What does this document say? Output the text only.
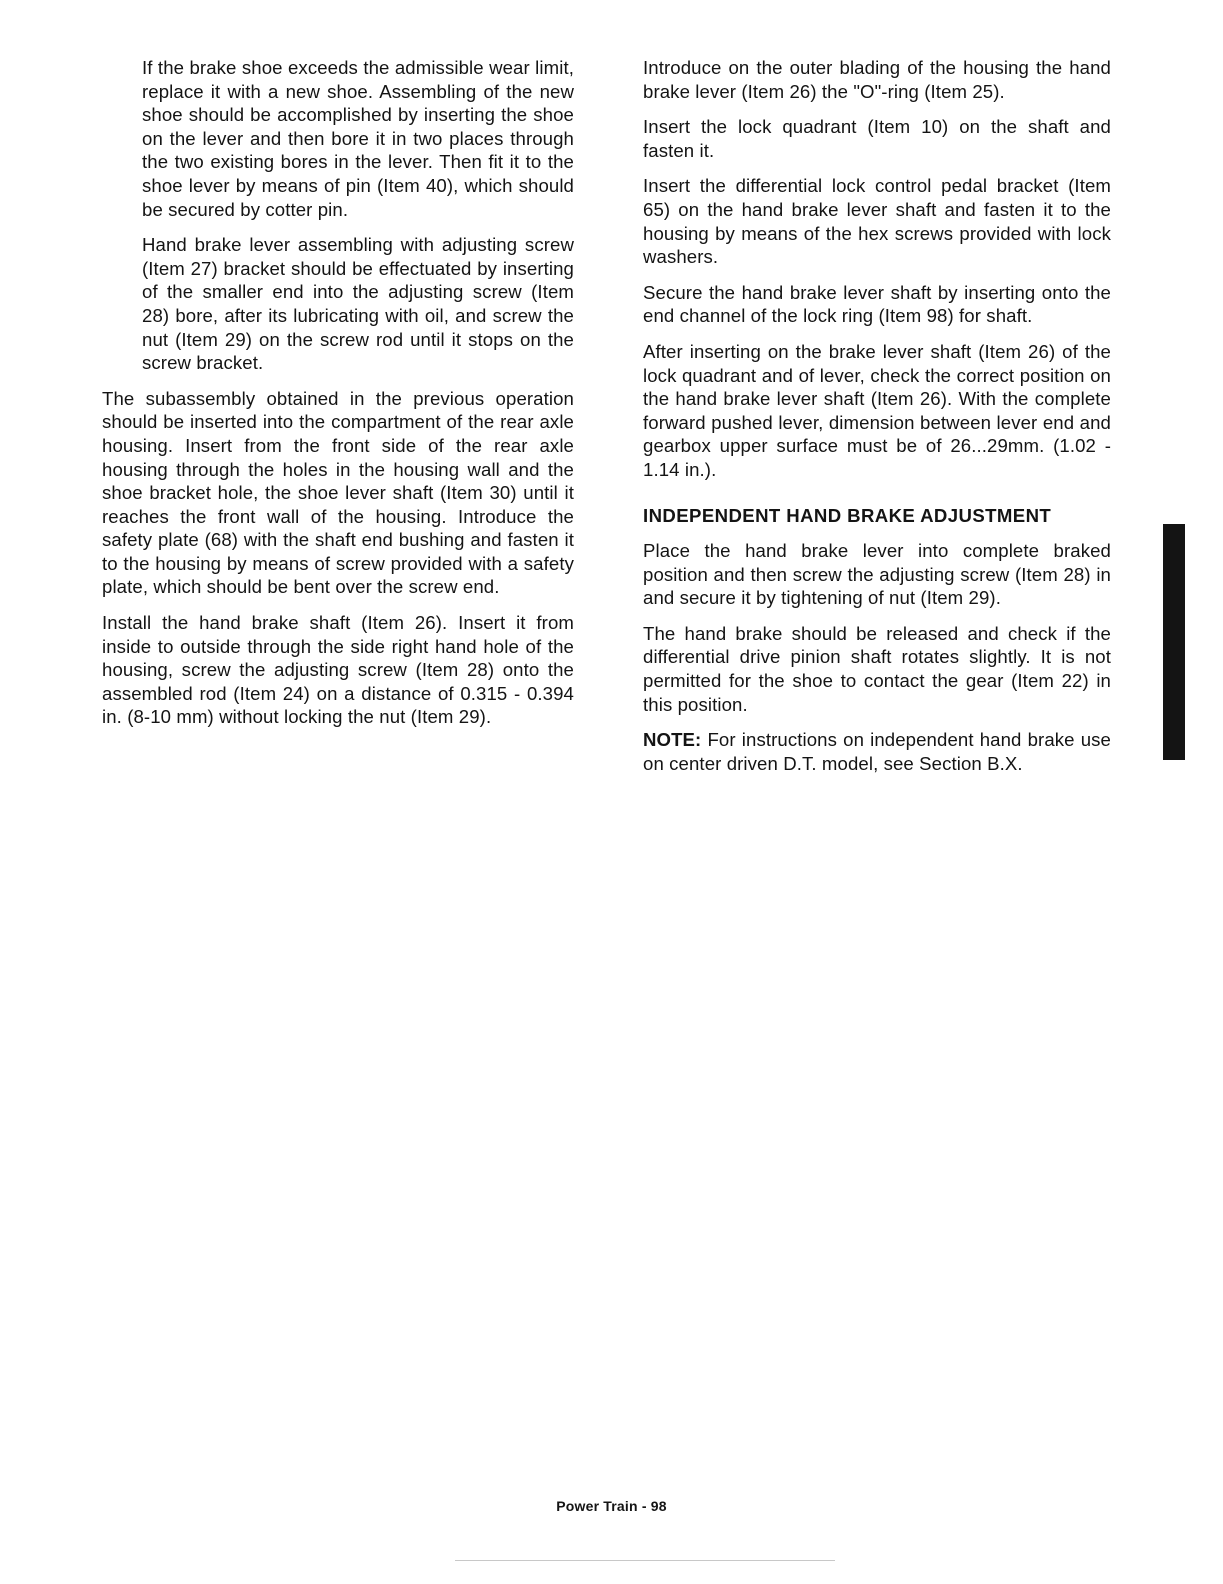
If the brake shoe exceeds the admissible wear limit, replace it with a new shoe. Assembling of the new shoe should be accomplished by inserting the shoe on the lever and then bore it in two places through the two existing bores in the lever. Then fit it to the shoe lever by means of pin (Item 40), which should be secured by cotter pin.

Hand brake lever assembling with adjusting screw (Item 27) bracket should be effectuated by inserting of the smaller end into the adjusting screw (Item 28) bore, after its lubricating with oil, and screw the nut (Item 29) on the screw rod until it stops on the screw bracket.

The subassembly obtained in the previous operation should be inserted into the compartment of the rear axle housing. Insert from the front side of the rear axle housing through the holes in the housing wall and the shoe bracket hole, the shoe lever shaft (Item 30) until it reaches the front wall of the housing. Introduce the safety plate (68) with the shaft end bushing and fasten it to the housing by means of screw provided with a safety plate, which should be bent over the screw end.

Install the hand brake shaft (Item 26). Insert it from inside to outside through the side right hand hole of the housing, screw the adjusting screw (Item 28) onto the assembled rod (Item 24) on a distance of 0.315 - 0.394 in. (8-10 mm) without locking the nut (Item 29).

Introduce on the outer blading of the housing the hand brake lever (Item 26) the "O"-ring (Item 25).

Insert the lock quadrant (Item 10) on the shaft and fasten it.

Insert the differential lock control pedal bracket (Item 65) on the hand brake lever shaft and fasten it to the housing by means of the hex screws provided with lock washers.

Secure the hand brake lever shaft by inserting onto the end channel of the lock ring (Item 98) for shaft.

After inserting on the brake lever shaft (Item 26) of the lock quadrant and of lever, check the correct position on the hand brake lever shaft (Item 26). With the complete forward pushed lever, dimension between lever end and gearbox upper surface must be of 26...29mm. (1.02 - 1.14 in.).

INDEPENDENT HAND BRAKE ADJUSTMENT

Place the hand brake lever into complete braked position and then screw the adjusting screw (Item 28) in and secure it by tightening of nut (Item 29).

The hand brake should be released and check if the differential drive pinion shaft rotates slightly. It is not permitted for the shoe to contact the gear (Item 22) in this position.

NOTE: For instructions on independent hand brake use on center driven D.T. model, see Section B.X.

Power Train - 98
